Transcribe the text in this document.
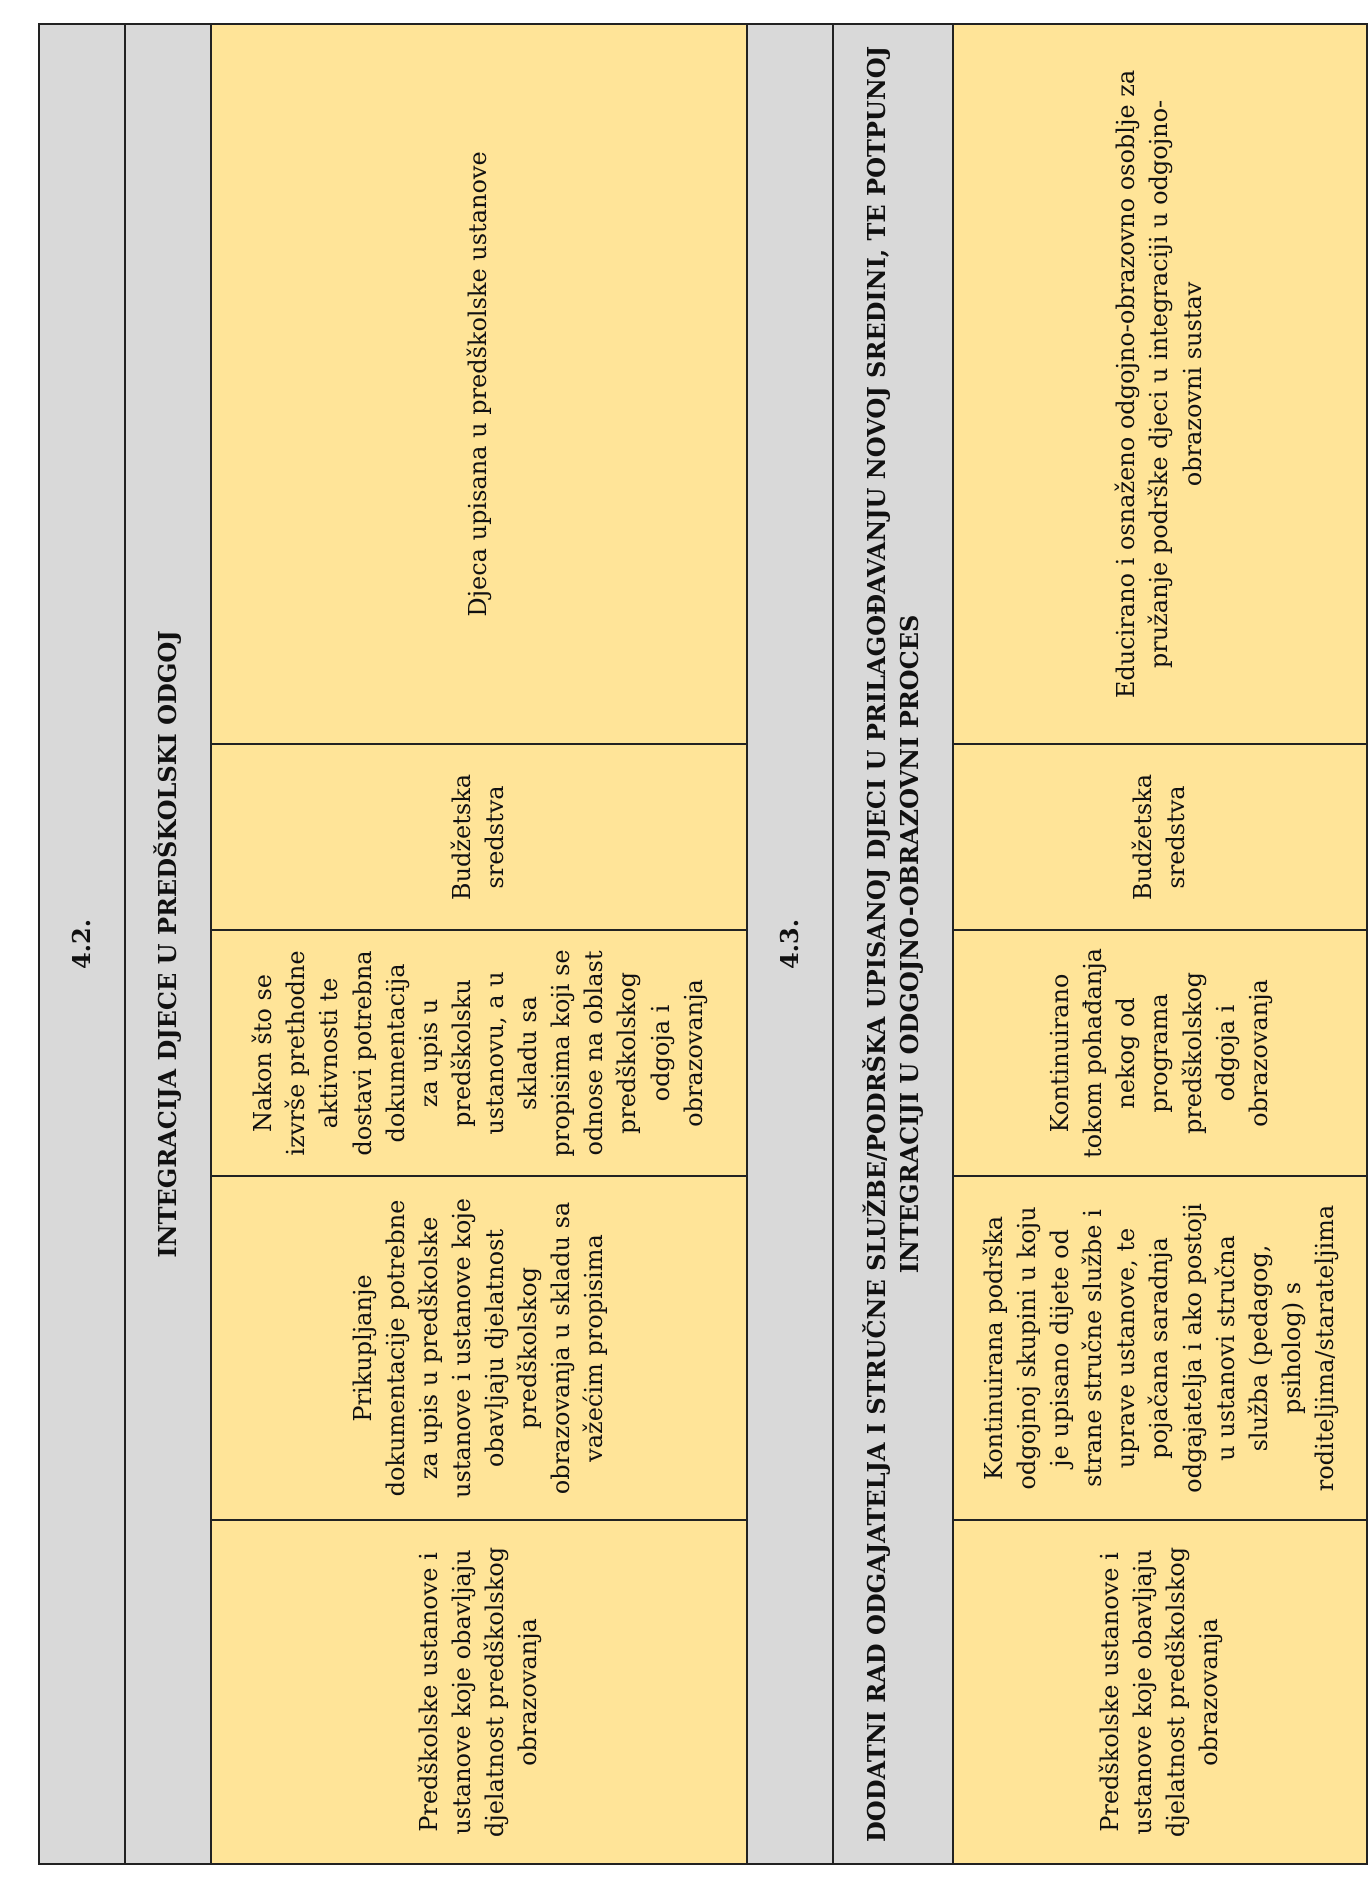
4.2.				
INTEGRACIJA DJECE U PREDŠKOLSKI ODGOJ				
Predškolske ustanove i ustanove koje obavljaju djelatnost predškolskog obrazovanja	Prikupljanje dokumentacije potrebne za upis u predškolske ustanove i ustanove koje obavljaju djelatnost predškolskog obrazovanja u skladu sa važećim propisima	Nakon što se izvrše prethodne aktivnosti te dostavi potrebna dokumentacija za upis u predškolsku ustanovu, a u skladu sa propisima koji se odnose na oblast predškolskog odgoja i obrazovanja	Budžetska sredstva	Djeca upisana u predškolske ustanove
4.3.				
DODATNI RAD ODGAJATELJA I STRUČNE SLUŽBE/PODRŠKA UPISANOJ DJECI U PRILAGOĐAVANJU NOVOJ SREDINI, TE POTPUNOJ INTEGRACIJI U ODGOJNO-OBRAZOVNI PROCES				
Predškolske ustanove i ustanove koje obavljaju djelatnost predškolskog obrazovanja	Kontinuirana podrška odgojnoj skupini u koju je upisano dijete od strane stručne službe i uprave ustanove, te pojačana saradnja odgajatelja i ako postoji u ustanovi stručna služba (pedagog, psiholog) s roditeljima/starateljima	Kontinuirano tokom pohađanja nekog od programa predškolskog odgoja i obrazovanja	Budžetska sredstva	Educirano i osnaženo odgojno-obrazovno osoblje za pružanje podrške djeci u integraciji u odgojno-obrazovni sustav
